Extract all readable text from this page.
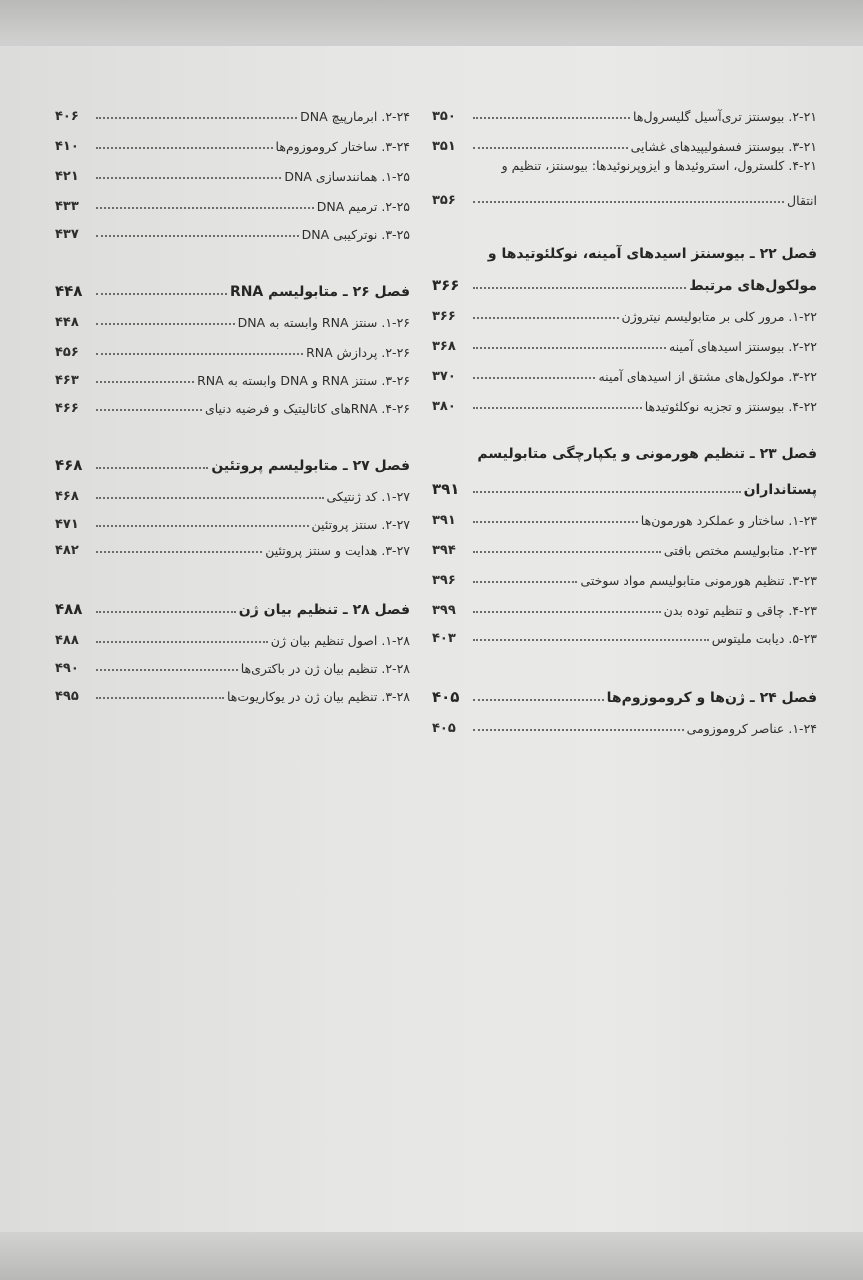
۲-۲۱. بیوسنتز تری‌آسیل گلیسرول‌ها
۳۵۰
۳-۲۱. بیوسنتز فسفولیپیدهای غشایی
۳۵۱
۴-۲۱. کلسترول، استروئیدها و ایزوپرنوئیدها: بیوسنتز، تنظیم و
انتقال
۳۵۶
فصل ۲۲ ـ بیوسنتز اسیدهای آمینه، نوکلئوتیدها و
مولکول‌های مرتبط
۳۶۶
۱-۲۲. مرور کلی بر متابولیسم نیتروژن
۳۶۶
۲-۲۲. بیوسنتز اسیدهای آمینه
۳۶۸
۳-۲۲. مولکول‌های مشتق از اسیدهای آمینه
۳۷۰
۴-۲۲. بیوسنتز و تجزیه نوکلئوتیدها
۳۸۰
فصل ۲۳ ـ تنظیم هورمونی و یکپارچگی متابولیسم
پستانداران
۳۹۱
۱-۲۳. ساختار و عملکرد هورمون‌ها
۳۹۱
۲-۲۳. متابولیسم مختص بافتی
۳۹۴
۳-۲۳. تنظیم هورمونی متابولیسم مواد سوختی
۳۹۶
۴-۲۳. چاقی و تنظیم توده بدن
۳۹۹
۵-۲۳. دیابت ملیتوس
۴۰۳
فصل ۲۴ ـ ژن‌ها و کروموزوم‌ها
۴۰۵
۱-۲۴. عناصر کروموزومی
۴۰۵
۲-۲۴. ابرمارپیچ DNA
۴۰۶
۳-۲۴. ساختار کروموزوم‌ها
۴۱۰
۱-۲۵. همانندسازی DNA
۴۲۱
۲-۲۵. ترمیم DNA
۴۳۳
۳-۲۵. نوترکیبی DNA
۴۳۷
فصل ۲۶ ـ متابولیسم RNA
۴۴۸
۱-۲۶. سنتز RNA وابسته به DNA
۴۴۸
۲-۲۶. پردازش RNA
۴۵۶
۳-۲۶. سنتز RNA و DNA وابسته به RNA
۴۶۳
۴-۲۶. RNAهای کاتالیتیک و فرضیه دنیای
۴۶۶
فصل ۲۷ ـ متابولیسم پروتئین
۴۶۸
۱-۲۷. کد ژنتیکی
۴۶۸
۲-۲۷. سنتز پروتئین
۴۷۱
۳-۲۷. هدایت و سنتز پروتئین
۴۸۲
فصل ۲۸ ـ تنظیم بیان ژن
۴۸۸
۱-۲۸. اصول تنظیم بیان ژن
۴۸۸
۲-۲۸. تنظیم بیان ژن در باکتری‌ها
۴۹۰
۳-۲۸. تنظیم بیان ژن در یوکاریوت‌ها
۴۹۵
